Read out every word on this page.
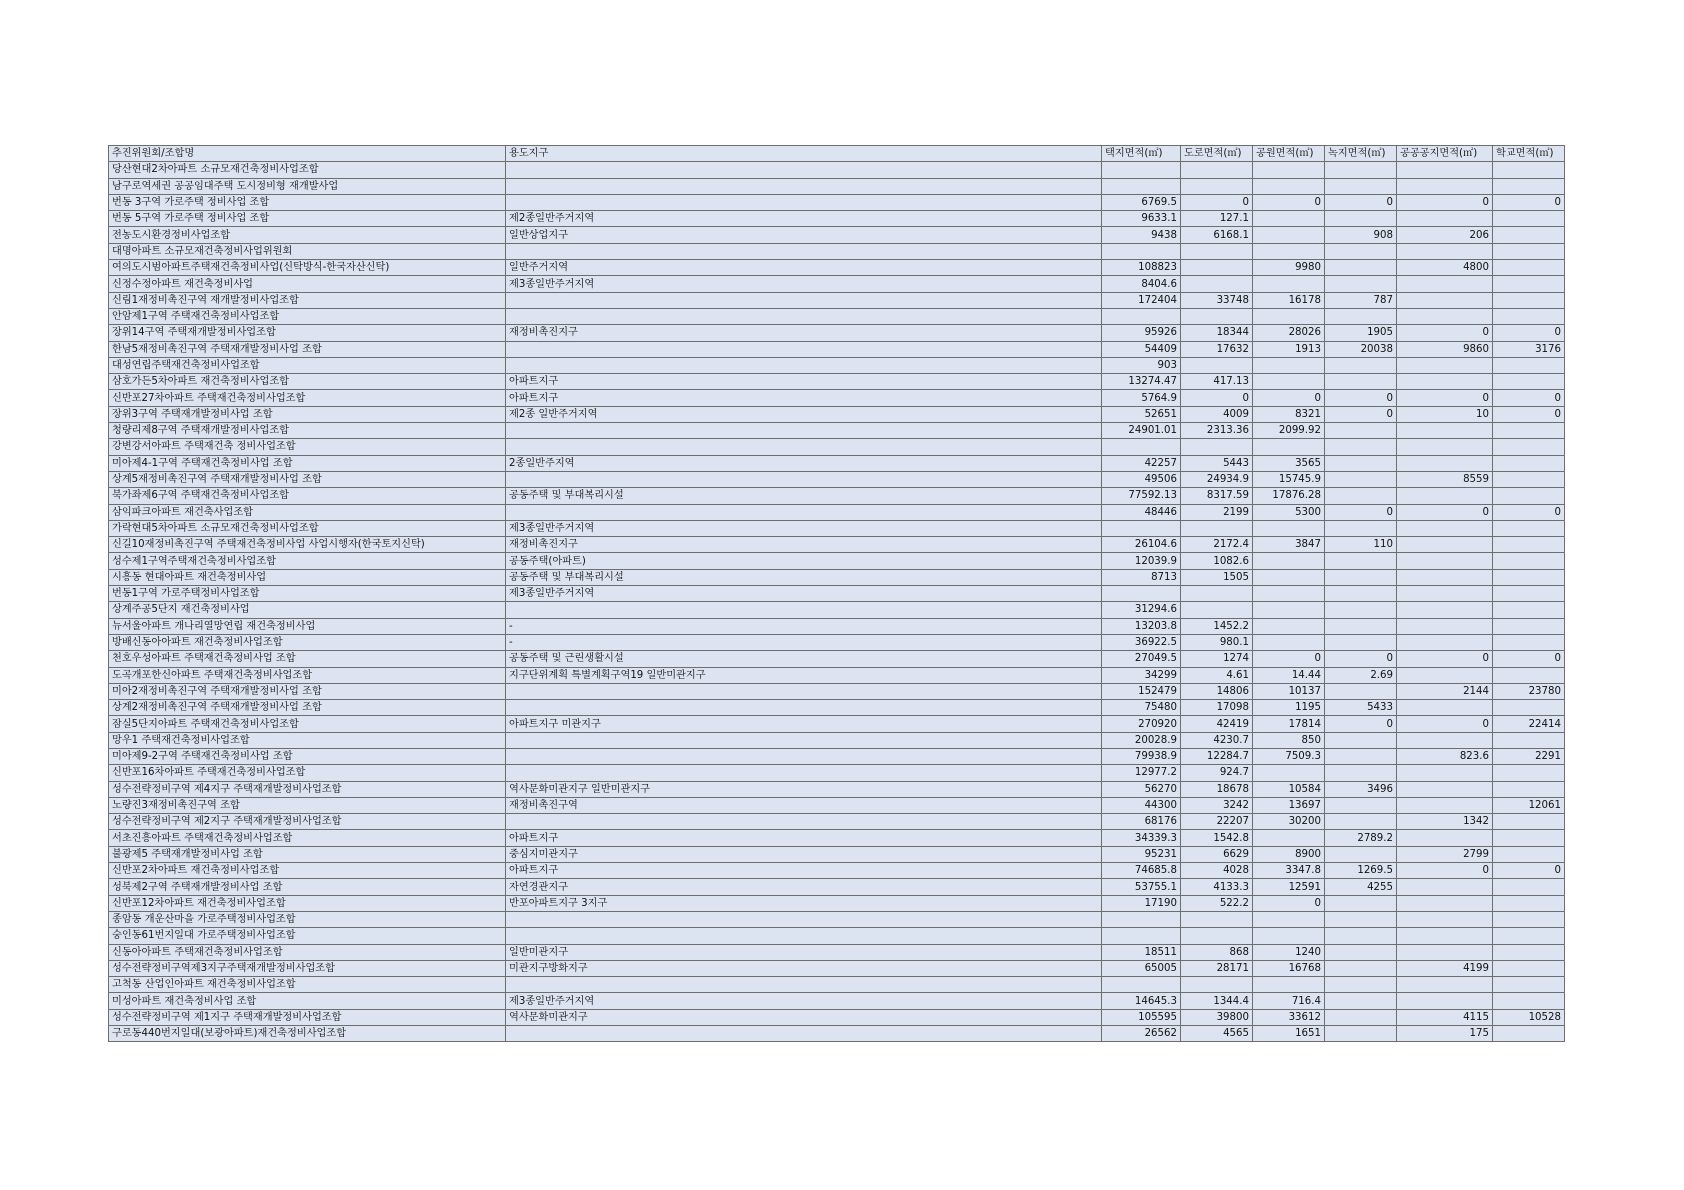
추진위원회/조합명	용도지구	택지면적(㎡)	도로면적(㎡)	공원면적(㎡)	녹지면적(㎡)	공공공지면적(㎡)	학교면적(㎡)
당산현대2차아파트 소규모재건축정비사업조합							
남구로역세권 공공임대주택 도시정비형 재개발사업							
번동 3구역 가로주택 정비사업 조합		6769.5	0	0	0	0	0
번동 5구역 가로주택 정비사업 조합	제2종일반주거지역	9633.1	127.1				
전농도시환경정비사업조합	일반상업지구	9438	6168.1		908	206	
대명아파트 소규모재건축정비사업위원회							
여의도시범아파트주택재건축정비사업(신탁방식-한국자산신탁)	일반주거지역	108823		9980		4800	
신정수정아파트 재건축정비사업	제3종일반주거지역	8404.6					
신림1재정비촉진구역 재개발정비사업조합		172404	33748	16178	787		
안암제1구역 주택재건축정비사업조합							
장위14구역 주택재개발정비사업조합	재정비촉진지구	95926	18344	28026	1905	0	0
한남5재정비촉진구역 주택재개발정비사업 조합		54409	17632	1913	20038	9860	3176
대성연립주택재건축정비사업조합		903					
삼호가든5차아파트 재건축정비사업조합	아파트지구	13274.47	417.13				
신반포27차아파트 주택재건축정비사업조합	아파트지구	5764.9	0	0	0	0	0
장위3구역 주택재개발정비사업 조합	제2종 일반주거지역	52651	4009	8321	0	10	0
청량리제8구역 주택재개발정비사업조합		24901.01	2313.36	2099.92			
강변강서아파트 주택재건축 정비사업조합							
미아제4-1구역 주택재건축정비사업 조합	2종일반주지역	42257	5443	3565			
상계5재정비촉진구역 주택재개발정비사업 조합		49506	24934.9	15745.9		8559	
북가좌제6구역 주택재건축정비사업조합	공동주택 및 부대복리시설	77592.13	8317.59	17876.28			
삼익파크아파트 재건축사업조합		48446	2199	5300	0	0	0
가락현대5차아파트 소규모재건축정비사업조합	제3종일반주거지역						
신길10재정비촉진구역 주택재건축정비사업 사업시행자(한국토지신탁)	재정비촉진지구	26104.6	2172.4	3847	110		
성수제1구역주택재건축정비사업조합	공동주택(아파트)	12039.9	1082.6				
시흥동 현대아파트 재건축정비사업	공동주택 및 부대복리시설	8713	1505				
번동1구역 가로주택정비사업조합	제3종일반주거지역						
상계주공5단지 재건축정비사업		31294.6					
뉴서울아파트 개나리열망연립 재건축정비사업	-	13203.8	1452.2				
방배신동아아파트 재건축정비사업조합	-	36922.5	980.1				
천호우성아파트 주택재건축정비사업 조합	공동주택 및 근린생활시설	27049.5	1274	0	0	0	0
도곡개포한신아파트 주택재건축정비사업조합	지구단위계획 특별계획구역19 일반미관지구	34299	4.61	14.44	2.69		
미아2재정비촉진구역 주택재개발정비사업 조합		152479	14806	10137		2144	23780
상계2재정비촉진구역 주택재개발정비사업 조합		75480	17098	1195	5433		
잠실5단지아파트 주택재건축정비사업조합	아파트지구 미관지구	270920	42419	17814	0	0	22414
망우1 주택재건축정비사업조합		20028.9	4230.7	850			
미아제9-2구역 주택재건축정비사업 조합		79938.9	12284.7	7509.3		823.6	2291
신반포16차아파트 주택재건축정비사업조합		12977.2	924.7				
성수전략정비구역 제4지구 주택재개발정비사업조합	역사문화미관지구 일반미관지구	56270	18678	10584	3496		
노량진3재정비촉진구역 조합	재정비촉진구역	44300	3242	13697			12061
성수전략정비구역 제2지구 주택재개발정비사업조합		68176	22207	30200		1342	
서초진흥아파트 주택재건축정비사업조합	아파트지구	34339.3	1542.8		2789.2		
불광제5 주택재개발정비사업 조합	중심지미관지구	95231	6629	8900		2799	
신반포2차아파트 재건축정비사업조합	아파트지구	74685.8	4028	3347.8	1269.5	0	0
성북제2구역 주택재개발정비사업 조합	자연경관지구	53755.1	4133.3	12591	4255		
신반포12차아파트 재건축정비사업조합	반포아파트지구 3지구	17190	522.2	0			
종암동 개운산마을 가로주택정비사업조합							
숭인동61번지일대 가로주택정비사업조합							
신동아아파트 주택재건축정비사업조합	일반미관지구	18511	868	1240			
성수전략정비구역제3지구주택재개발정비사업조합	미관지구방화지구	65005	28171	16768		4199	
고척동 산업인아파트 재건축정비사업조합							
미성아파트 재건축정비사업 조합	제3종일반주거지역	14645.3	1344.4	716.4			
성수전략정비구역 제1지구 주택재개발정비사업조합	역사문화미관지구	105595	39800	33612		4115	10528
구로동440번지일대(보광아파트)재건축정비사업조합		26562	4565	1651		175	
